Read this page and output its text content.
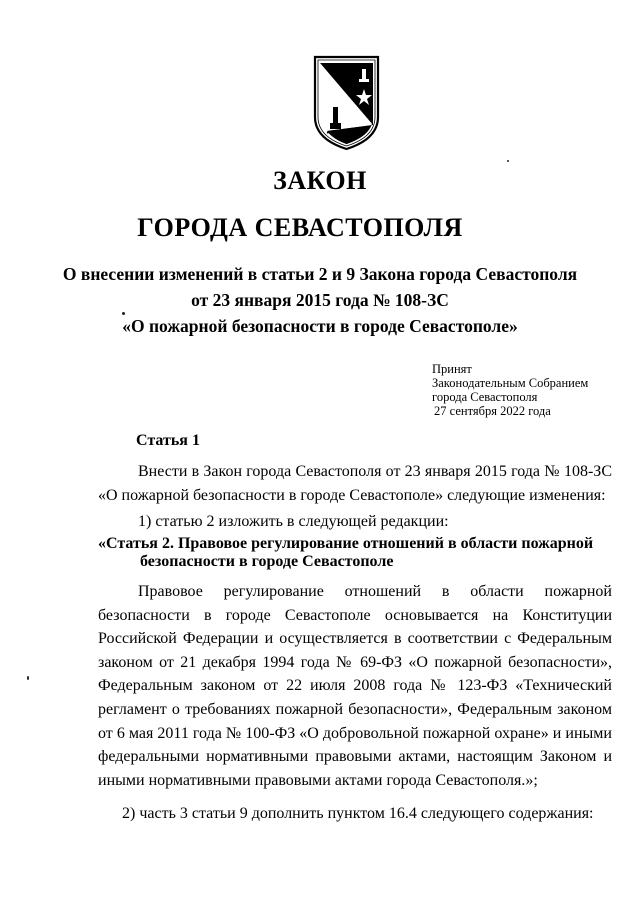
ЗАКОН
ГОРОДА СЕВАСТОПОЛЯ
О внесении изменений в статьи 2 и 9 Закона города Севастополя
от 23 января 2015 года № 108-ЗС
«О пожарной безопасности в городе Севастополе»
Принят
Законодательным Собранием
города Севастополя
27 сентября 2022 года
Статья 1
Внести в Закон города Севастополя от 23 января 2015 года № 108-ЗС «О пожарной безопасности в городе Севастополе» следующие изменения:
1) статью 2 изложить в следующей редакции:
«Статья 2. Правовое регулирование отношений в области пожарной
безопасности в городе Севастополе
Правовое регулирование отношений в области пожарной безопасности в городе Севастополе основывается на Конституции Российской Федерации и осуществляется в соответствии с Федеральным законом от 21 декабря 1994 года № 69-ФЗ «О пожарной безопасности», Федеральным законом от 22 июля 2008 года № 123-ФЗ «Технический регламент о требованиях пожарной безопасности», Федеральным законом от 6 мая 2011 года № 100-ФЗ «О добровольной пожарной охране» и иными федеральными нормативными правовыми актами, настоящим Законом и иными нормативными правовыми актами города Севастополя.»;
2) часть 3 статьи 9 дополнить пунктом 16.4 следующего содержания:
